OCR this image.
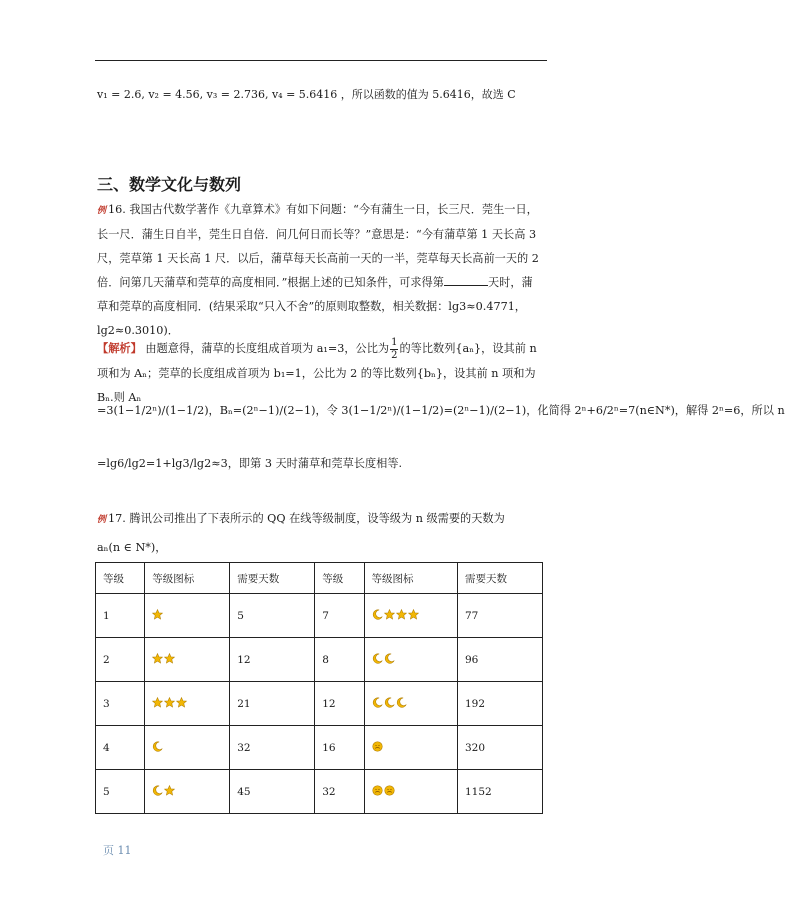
v₁ = 2.6, v₂ = 4.56, v₃ = 2.736, v₄ = 5.6416 ，所以函数的值为 5.6416，故选 C
三、数学文化与数列
例 16. 我国古代数学著作《九章算术》有如下问题：“今有蒲生一日，长三尺．莞生一日，长一尺．蒲生日自半，莞生日自倍．问几何日而长等？”意思是：“今有蒲草第 1 天长高 3 尺，莞草第 1 天长高 1 尺．以后，蒲草每天长高前一天的一半，莞草每天长高前一天的 2 倍．问第几天蒲草和莞草的高度相同．”根据上述的已知条件，可求得第	天时，蒲草和莞草的高度相同．(结果采取“只入不舍”的原则取整数，相关数据：lg3≈0.4771，lg2≈0.3010)．
【解析】 由题意得，蒲草的长度组成首项为 a₁=3，公比为 $\frac{1}{2}$ 的等比数列{aₙ}，设其前 n 项和为 Aₙ；莞草的长度组成首项为 b₁=1，公比为 2 的等比数列{bₙ}，设其前 n 项和为 Bₙ.则 Aₙ
=3(1−1/2ⁿ)/(1−1/2)，Bₙ=(2ⁿ−1)/(2−1)，令 3(1−1/2ⁿ)/(1−1/2)=(2ⁿ−1)/(2−1)，化简得 2ⁿ+6/2ⁿ=7(n∈N*)，解得 2ⁿ=6，所以 n
=lg6/lg2=1+lg3/lg2≈3，即第 3 天时蒲草和莞草长度相等.
例 17. 腾讯公司推出了下表所示的 QQ 在线等级制度，设等级为 n 级需要的天数为
aₙ(n ∈ N*)，
等级	等级图标	需要天数	等级	等级图标	需要天数
1		5	7		77
2		12	8		96
3		21	12		192
4		32	16		320
5		45	32		1152
页 11
